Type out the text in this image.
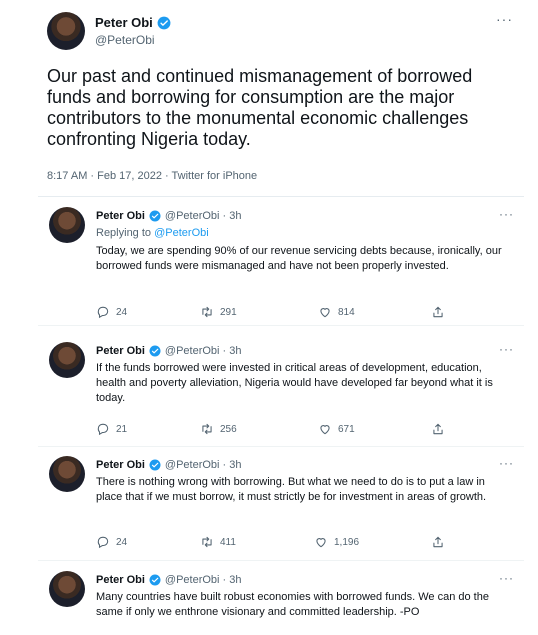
Peter Obi
@PeterObi
···
Our past and continued mismanagement of borrowed funds and borrowing for consumption are the major contributors to the monumental economic challenges confronting Nigeria today.
8:17 AM · Feb 17, 2022 · Twitter for iPhone
Peter Obi @PeterObi · 3h	···
Replying to @PeterObi
Today, we are spending 90% of our revenue servicing debts because, ironically, our borrowed funds were mismanaged and have not been properly invested.
24	291	814
Peter Obi @PeterObi · 3h	···
If the funds borrowed were invested in critical areas of development, education, health and poverty alleviation, Nigeria would have developed far beyond what it is today.
21	256	671
Peter Obi @PeterObi · 3h	···
There is nothing wrong with borrowing. But what we need to do is to put a law in place that if we must borrow, it must strictly be for investment in areas of growth.
24	411	1,196
Peter Obi @PeterObi · 3h	···
Many countries have built robust economies with borrowed funds. We can do the same if only we enthrone visionary and committed leadership. -PO
